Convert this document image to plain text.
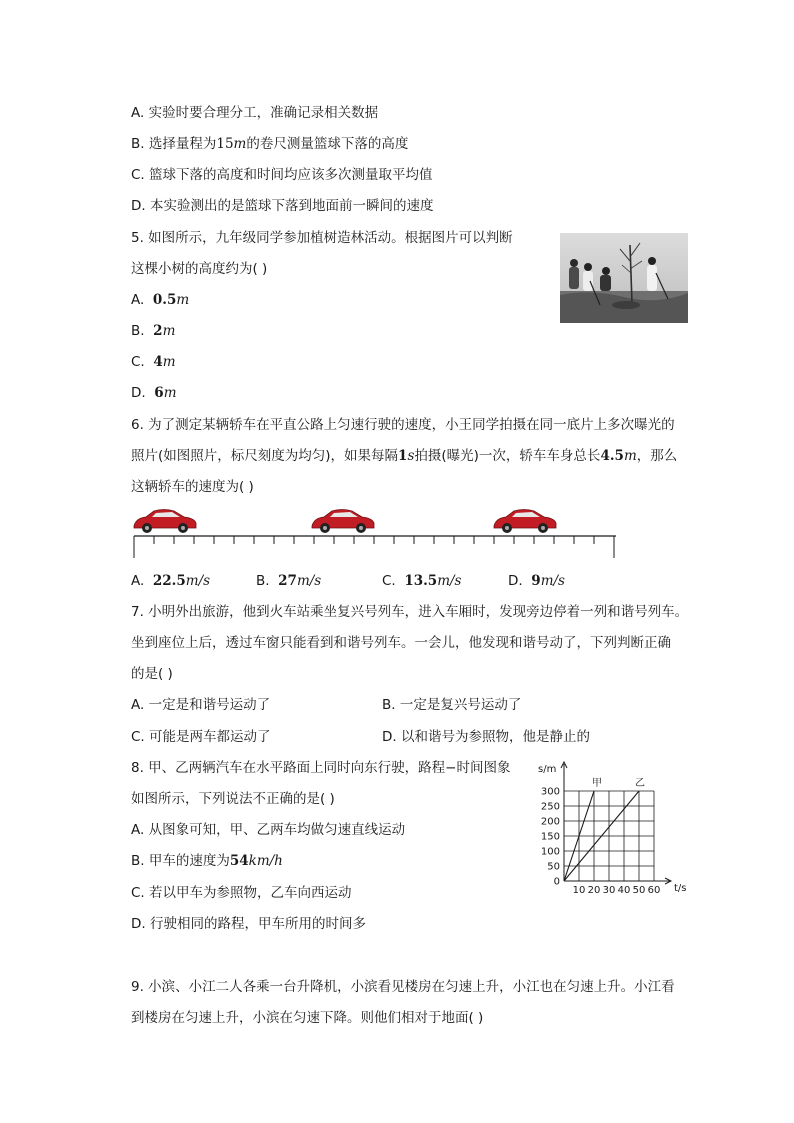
A. 实验时要合理分工，准确记录相关数据
B. 选择量程为15m的卷尺测量篮球下落的高度
C. 篮球下落的高度和时间均应该多次测量取平均值
D. 本实验测出的是篮球下落到地面前一瞬间的速度
5. 如图所示，九年级同学参加植树造林活动。根据图片可以判断
这棵小树的高度约为( )
A. 0.5m
B. 2m
C. 4m
D. 6m
6. 为了测定某辆轿车在平直公路上匀速行驶的速度，小王同学拍摄在同一底片上多次曝光的
照片(如图照片，标尺刻度为均匀)，如果每隔1s拍摄(曝光)一次，轿车车身总长4.5m，那么
这辆轿车的速度为( )
A. 22.5m/s	B. 27m/s	C. 13.5m/s	D. 9m/s
7. 小明外出旅游，他到火车站乘坐复兴号列车，进入车厢时，发现旁边停着一列和谐号列车。
坐到座位上后，透过车窗只能看到和谐号列车。一会儿，他发现和谐号动了，下列判断正确
的是( )
A. 一定是和谐号运动了	B. 一定是复兴号运动了
C. 可能是两车都运动了	D. 以和谐号为参照物，他是静止的
8. 甲、乙两辆汽车在水平路面上同时向东行驶，路程−时间图象
如图所示，下列说法不正确的是( )
A. 从图象可知，甲、乙两车均做匀速直线运动
B. 甲车的速度为54km/h
C. 若以甲车为参照物，乙车向西运动
D. 行驶相同的路程，甲车所用的时间多
s/m
t/s
0
50
100
150
200
250
300
10 20 30 40 50 60
甲	乙
9. 小滨、小江二人各乘一台升降机，小滨看见楼房在匀速上升，小江也在匀速上升。小江看
到楼房在匀速上升，小滨在匀速下降。则他们相对于地面( )
